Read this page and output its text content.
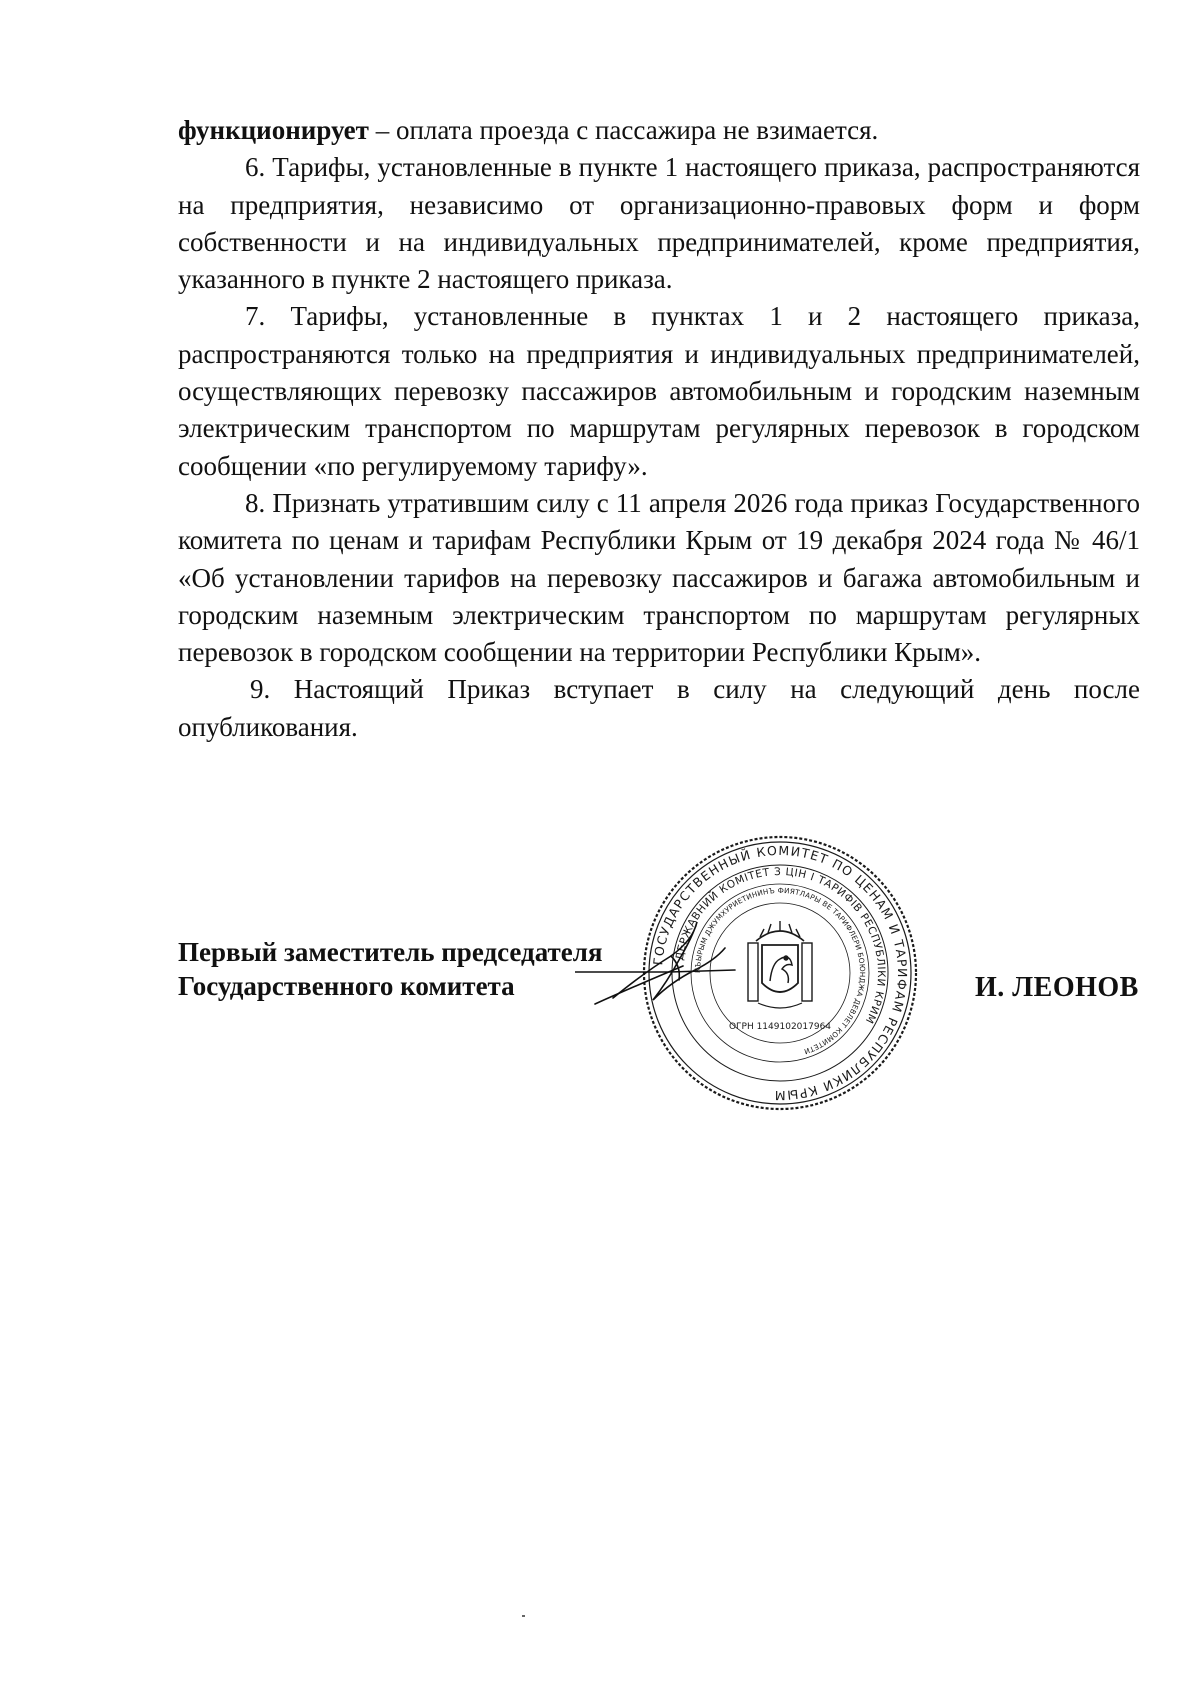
функционирует – оплата проезда с пассажира не взимается.

6. Тарифы, установленные в пункте 1 настоящего приказа, распространяются на предприятия, независимо от организационно-правовых форм и форм собственности и на индивидуальных предпринимателей, кроме предприятия, указанного в пункте 2 настоящего приказа.

7. Тарифы, установленные в пунктах 1 и 2 настоящего приказа, распространяются только на предприятия и индивидуальных предпринимателей, осуществляющих перевозку пассажиров автомобильным и городским наземным электрическим транспортом по маршрутам регулярных перевозок в городском сообщении «по регулируемому тарифу».

8. Признать утратившим силу с 11 апреля 2026 года приказ Государственного комитета по ценам и тарифам Республики Крым от 19 декабря 2024 года № 46/1 «Об установлении тарифов на перевозку пассажиров и багажа автомобильным и городским наземным электрическим транспортом по маршрутам регулярных перевозок в городском сообщении на территории Республики Крым».

9. Настоящий Приказ вступает в силу на следующий день после опубликования.

Первый заместитель председателя
Государственного комитета
ГОСУДАРСТВЕННЫЙ КОМИТЕТ ПО ЦЕНАМ И ТАРИФАМ РЕСПУБЛИКИ КРЫМ
ДЕРЖАВНИЙ КОМІТЕТ З ЦІН І ТАРИФІВ РЕСПУБЛІКИ КРИМ
КЪЫРЫМ ДЖУМХУРИЕТИНИНЪ ФИЯТЛАРЫ ВЕ ТАРИФЛЕРИ БОЮНДЖА ДЕВЛЕТ КОМИТЕТИ
ОГРН 1149102017964
И. ЛЕОНОВ
